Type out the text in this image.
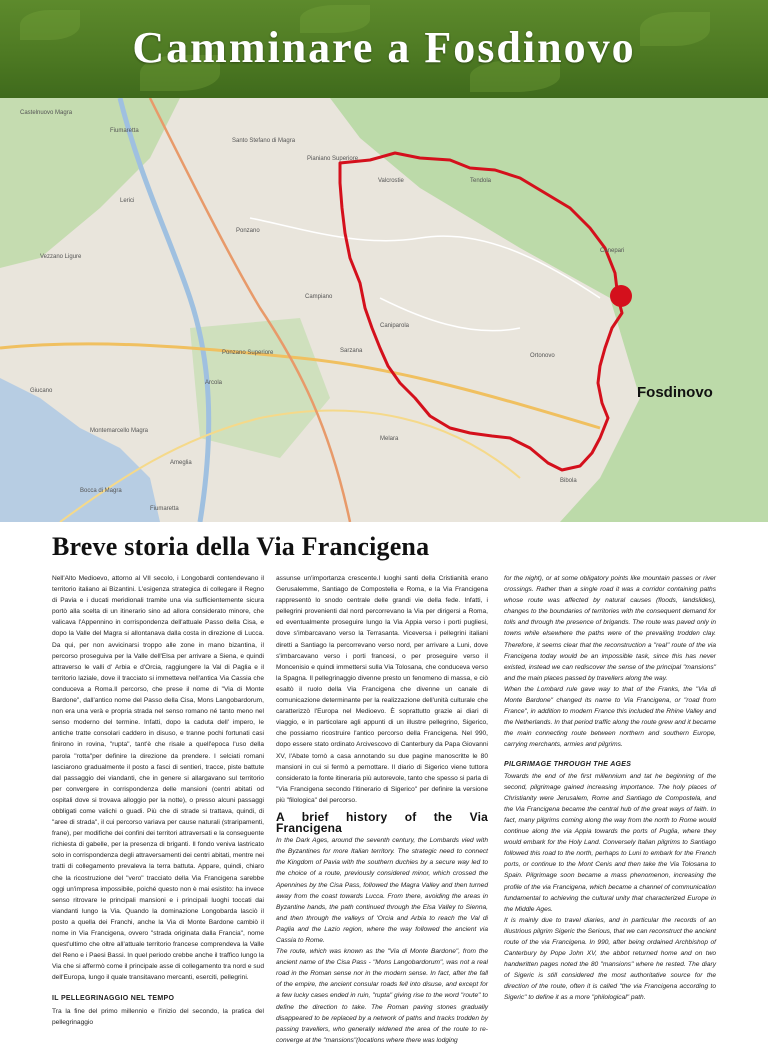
Camminare a Fosdinovo
Castelnuovo Magra
Fiumaretta
Santo Stefano di Magra
Lerici
Vezzano Ligure
Ponzano
Campiano
Pianiano Superiore
Valcrostie	Tendola
Ponzano Superiore
Arcola
Sarzana
Caniparola
Melara
Ortonovo
Giucano
Montemarcello Magra
Ameglia
Bocca di Magra
Fiumaretta
Canepari
Bibola
Fosdinovo
Breve storia della Via Francigena

Nell'Alto Medioevo, attorno al VII secolo, i Longobardi contendevano il territorio italiano ai Bizantini. L'esigenza strategica di collegare il Regno di Pavia e i ducati meridionali tramite una via sufficientemente sicura portò alla scelta di un itinerario sino ad allora considerato minore, che valicava l'Appennino in corrispondenza dell'attuale Passo della Cisa, e dopo la Valle del Magra si allontanava dalla costa in direzione di Lucca. Da qui, per non avvicinarsi troppo alle zone in mano bizantina, il percorso proseguiva per la Valle dell'Elsa per arrivare a Siena, e quindi attraverso le valli d' Arbia e d'Orcia, raggiungere la Val di Paglia e il territorio laziale, dove il tracciato si immetteva nell'antica Via Cassia che conduceva a Roma.Il percorso, che prese il nome di "Via di Monte Bardone", dall'antico nome del Passo della Cisa, Mons Langobardorum, non era una verà e propria strada nel senso romano né tanto meno nel senso moderno del termine. Infatti, dopo la caduta dell' impero, le antiche tratte consolari caddero in disuso, e tranne pochi fortunati casi finirono in rovina, "rupta", tant'è che risale a quell'epoca l'uso della parola "rotta"per definire la direzione da prendere. I selciati romani lasciarono gradualmente il posto a fasci di sentieri, tracce, piste battute dal passaggio dei viandanti, che in genere si allargavano sul territorio per convergere in corrispondenza delle mansioni (centri abitati od ospitali dove si trovava alloggio per la notte), o presso alcuni passaggi obbligati come valichi o guadi. Più che di strade si trattava, quindi, di "aree di strada", il cui percorso variava per cause naturali (straripamenti, frane), per modifiche dei confini dei territori attraversati e la conseguente richiesta di gabelle, per la presenza di briganti. Il fondo veniva lastricato solo in corrispondenza degli attraversamenti dei centri abitati, mentre nei tratti di collegamento prevaleva la terra battuta. Appare, quindi, chiaro che la ricostruzione del "vero" tracciato della Via Francigena sarebbe oggi un'impresa impossibile, poiché questo non è mai esistito: ha invece senso ritrovare le principali mansioni e i principali luoghi toccati dai viandanti lungo la Via. Quando la dominazione Longobarda lasciò il posto a quella dei Franchi, anche la Via di Monte Bardone cambiò il nome in Via Francigena, ovvero "strada originata dalla Francia", nome quest'ultimo che oltre all'attuale territorio francese comprendeva la Valle del Reno e i Paesi Bassi. In quel periodo crebbe anche il traffico lungo la Via che si affermò come il principale asse di collegamento tra nord e sud dell'Europa, lungo il quale transitavano mercanti, eserciti, pellegrini.

IL PELLEGRINAGGIO NEL TEMPO

Tra la fine del primo millennio e l'inizio del secondo, la pratica del pellegrinaggio

assunse un'importanza crescente.I luoghi santi della Cristianità erano Gerusalemme, Santiago de Compostella e Roma, e la Via Francigena rappresentò lo snodo centrale delle grandi vie della fede. Infatti, i pellegrini provenienti dal nord percorrevano la Via per dirigersi a Roma, ed eventualmente proseguire lungo la Via Appia verso i porti pugliesi, dove s'imbarcavano verso la Terrasanta. Viceversa i pellegrini italiani diretti a Santiago la percorrevano verso nord, per arrivare a Luni, dove s'imbarcavano verso i porti francesi, o per proseguire verso il Moncenisio e quindi immettersi sulla Via Tolosana, che conduceva verso la Spagna. Il pellegrinaggio divenne presto un fenomeno di massa, e ciò esaltò il ruolo della Via Francigena che divenne un canale di comunicazione determinante per la realizzazione dell'unità culturale che caratterizzò l'Europa nel Medioevo. È soprattutto grazie ai diari di viaggio, e in particolare agli appunti di un illustre pellegrino, Sigerico, che possiamo ricostruire l'antico percorso della Francigena. Nel 990, dopo essere stato ordinato Arcivescovo di Canterbury da Papa Giovanni XV, l'Abate tornò a casa annotando su due pagine manoscritte le 80 mansioni in cui si fermò a pernottare. Il diario di Sigerico viene tuttora considerato la fonte itineraria più autorevole, tanto che spesso si parla di "Via Francigena secondo l'itinerario di Sigerico" per definire la versione più "filologica" del percorso.

A brief history of the Via Francigena

In the Dark Ages, around the seventh century, the Lombards vied with the Byzantines for more Italian territory. The strategic need to connect the Kingdom of Pavia with the southern duchies by a secure way led to the choice of a route, previously considered minor, which crossed the Apennines by the Cisa Pass, followed the Magra Valley and then turned away from the coast towards Lucca. From there, avoiding the areas in Byzantine hands, the path continued through the Elsa Valley to Sienna, and then through the valleys of 'Orcia and Arbia to reach the Val di Paglia and the Lazio region, where the way followed the ancient via Cassia to Rome.

The route, which was known as the "Via di Monte Bardone", from the ancient name of the Cisa Pass - "Mons Langobardorum", was not a real road in the Roman sense nor in the modern sense. In fact, after the fall of the empire, the ancient consular roads fell into disuse, and except for a few lucky cases ended in ruin, "rupta" giving rise to the word "route" to define the direction to take. The Roman paving stones gradually disappeared to be replaced by a network of paths and tracks trodden by passing travellers, who generally widened the area of the route to re-converge at the "mansions"(locations where there was lodging

for the night), or at some obligatory points like mountain passes or river crossings. Rather than a single road it was a corridor containing paths whose route was affected by natural causes (floods, landslides), changes to the boundaries of territories with the consequent demand for tolls and through the presence of brigands. The route was paved only in towns while elsewhere the paths were of the prevailing trodden clay. Therefore, it seems clear that the reconstruction a "real" route of the via Francigena today would be an impossible task, since this has never existed, instead we can rediscover the sense of the principal "mansions" and the main places passed by travellers along the way.

When the Lombard rule gave way to that of the Franks, the "Via di Monte Bardone" changed its name to Via Francigena, or "road from France", in addition to modern France this included the Rhine Valley and the Netherlands. In that period traffic along the route grew and it became the main connecting route between northern and southern Europe, carrying merchants, armies and pilgrims.

PILGRIMAGE THROUGH THE AGES

Towards the end of the first millennium and tat he beginning of the second, pilgrimage gained increasing importance. The holy places of Christianity were Jerusalem, Rome and Santiago de Compostela, and the Via Francigena became the central hub of the great ways of faith. In fact, many pilgrims coming along the way from the north to Rome would continue along the via Appia towards the ports of Puglia, where they would embark for the Holy Land. Conversely Italian pilgrims to Santiago followed this road to the north, perhaps to Luni to embark for the French ports, or continue to the Mont Cenis and then take the Via Tolosana to Spain. Pilgrimage soon became a mass phenomenon, increasing the profile of the via Francigena, which became a channel of communication fundamental to achieving the cultural unity that characterized Europe in the Middle Ages.

It is mainly due to travel diaries, and in particular the records of an illustrious pilgrim Sigeric the Serious, that we can reconstruct the ancient route of the via Francigena. In 990, after being ordained Archbishop of Canterbury by Pope John XV, the abbot returned home and on two handwritten pages noted the 80 "mansions" where he rested. The diary of Sigeric is still considered the most authoritative source for the direction of the route, often it is called "the via Francigena according to Sigeric" to define it as a more "philological" path.
